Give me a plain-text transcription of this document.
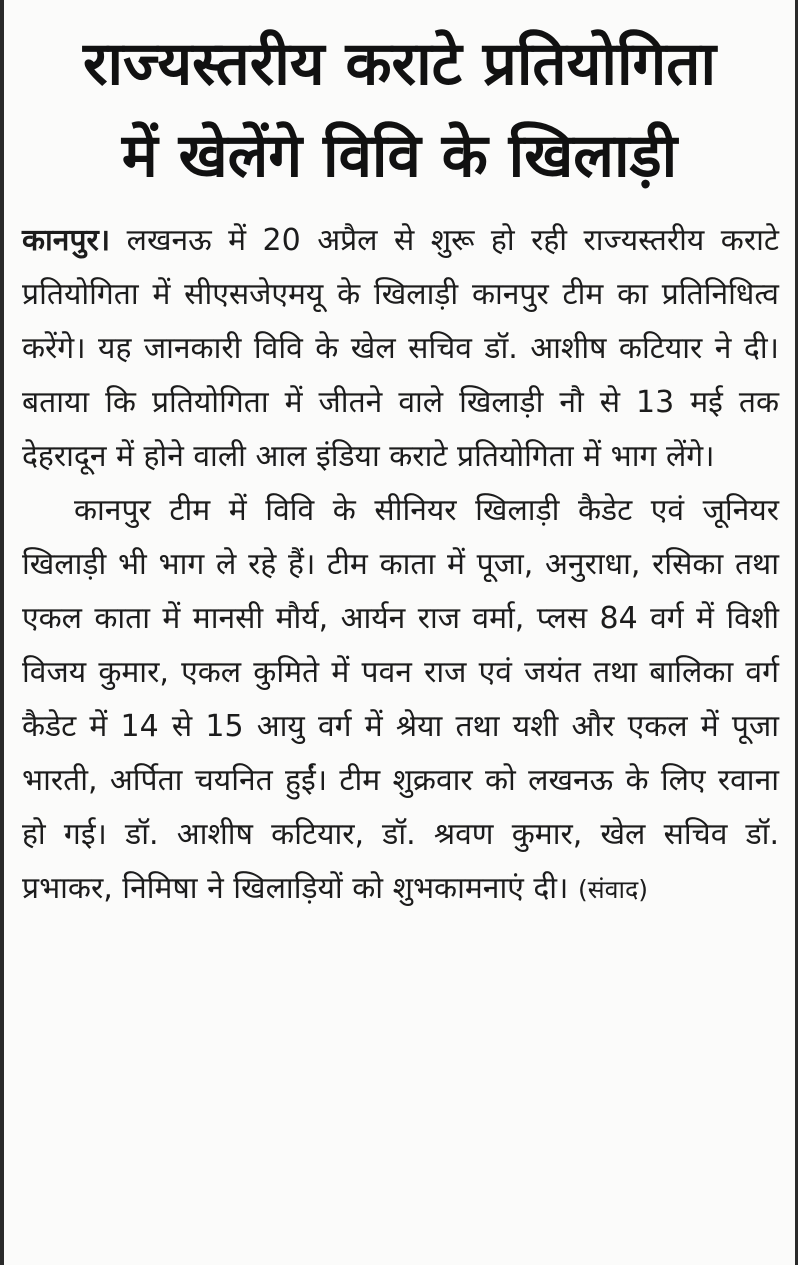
राज्यस्तरीय कराटे प्रतियोगिता
में खेलेंगे विवि के खिलाड़ी

कानपुर। लखनऊ में 20 अप्रैल से शुरू हो रही राज्यस्तरीय कराटे प्रतियोगिता में सीएसजेएमयू के खिलाड़ी कानपुर टीम का प्रतिनिधित्व करेंगे। यह जानकारी विवि के खेल सचिव डॉ. आशीष कटियार ने दी। बताया कि प्रतियोगिता में जीतने वाले खिलाड़ी नौ से 13 मई तक देहरादून में होने वाली आल इंडिया कराटे प्रतियोगिता में भाग लेंगे।

कानपुर टीम में विवि के सीनियर खिलाड़ी कैडेट एवं जूनियर खिलाड़ी भी भाग ले रहे हैं। टीम काता में पूजा, अनुराधा, रसिका तथा एकल काता में मानसी मौर्य, आर्यन राज वर्मा, प्लस 84 वर्ग में विशी विजय कुमार, एकल कुमिते में पवन राज एवं जयंत तथा बालिका वर्ग कैडेट में 14 से 15 आयु वर्ग में श्रेया तथा यशी और एकल में पूजा भारती, अर्पिता चयनित हुईं। टीम शुक्रवार को लखनऊ के लिए रवाना हो गई। डॉ. आशीष कटियार, डॉ. श्रवण कुमार, खेल सचिव डॉ. प्रभाकर, निमिषा ने खिलाड़ियों को शुभकामनाएं दी। (संवाद)
